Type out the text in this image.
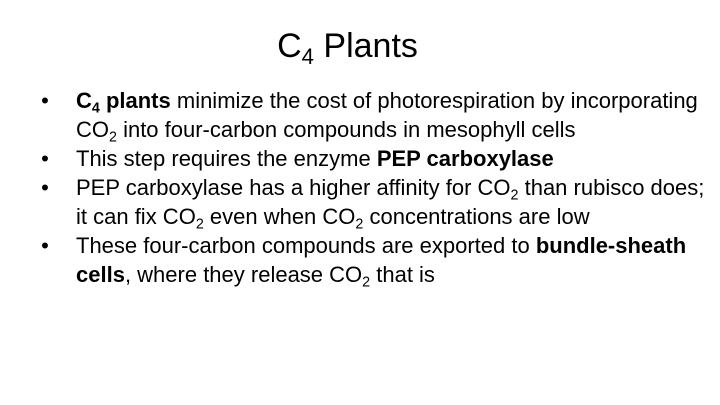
$C_4$ Plants
• $C_4$ plants minimize the cost of photorespiration by incorporating $CO_2$ into four-carbon compounds in mesophyll cells
• This step requires the enzyme PEP carboxylase
• PEP carboxylase has a higher affinity for $CO_2$ than rubisco does; it can fix $CO_2$ even when $CO_2$ concentrations are low
• These four-carbon compounds are exported to bundle-sheath cells, where they release $CO_2$ that is
